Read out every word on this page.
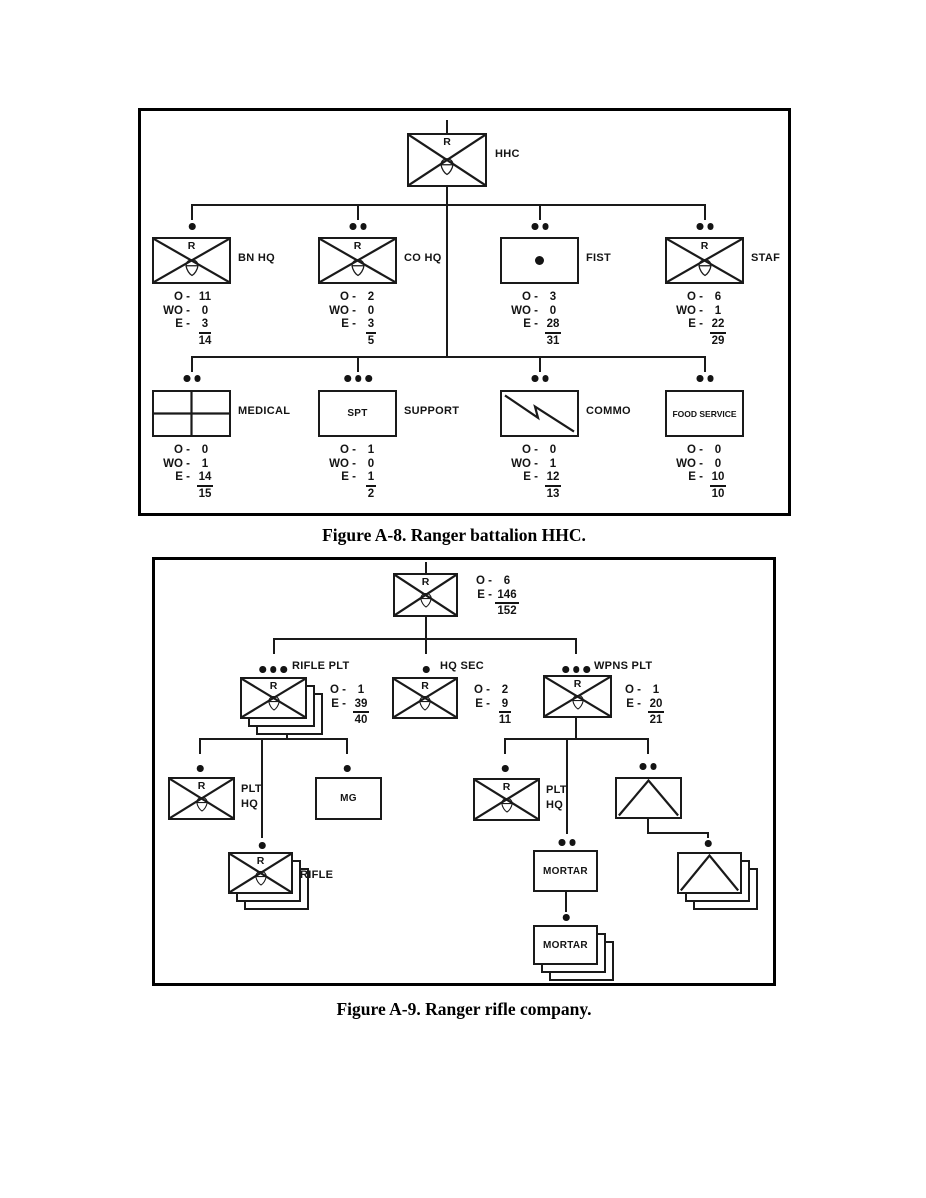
R
HHC
R
BN HQ
R
CO HQ	FIST
R
STAF
O - 11
WO -	0
E - $\frac{3}{14}$
O -	2
WO -	0
E - $\frac{3}{5}$
O -	3
WO -	0
E - $\frac{28}{31}$
O -	6
WO -	1
E - $\frac{22}{29}$
MEDICAL	SPT	SUPPORT	COMMO	FOOD SERVICE
O -	0
WO -	1
E - $\frac{14}{15}$
O -	1
WO -	0
E - $\frac{1}{2}$
O -	0
WO -	1
E - $\frac{12}{13}$
O -	0
WO -	0
E - $\frac{10}{10}$
Figure A-8. Ranger battalion HHC.
R	O -	6
E - $\frac{146}{152}$
RIFLE PLT	HQ SEC	WPNS PLT
R	O -	1
E - $\frac{39}{40}$
R	O -	2
E - $\frac{9}{11}$
R	O -	1
E - $\frac{20}{21}$
R	PLT
HQ	MG
R
RIFLE
R	PLT
HQ
MORTAR
MORTAR
Figure A-9. Ranger rifle company.
